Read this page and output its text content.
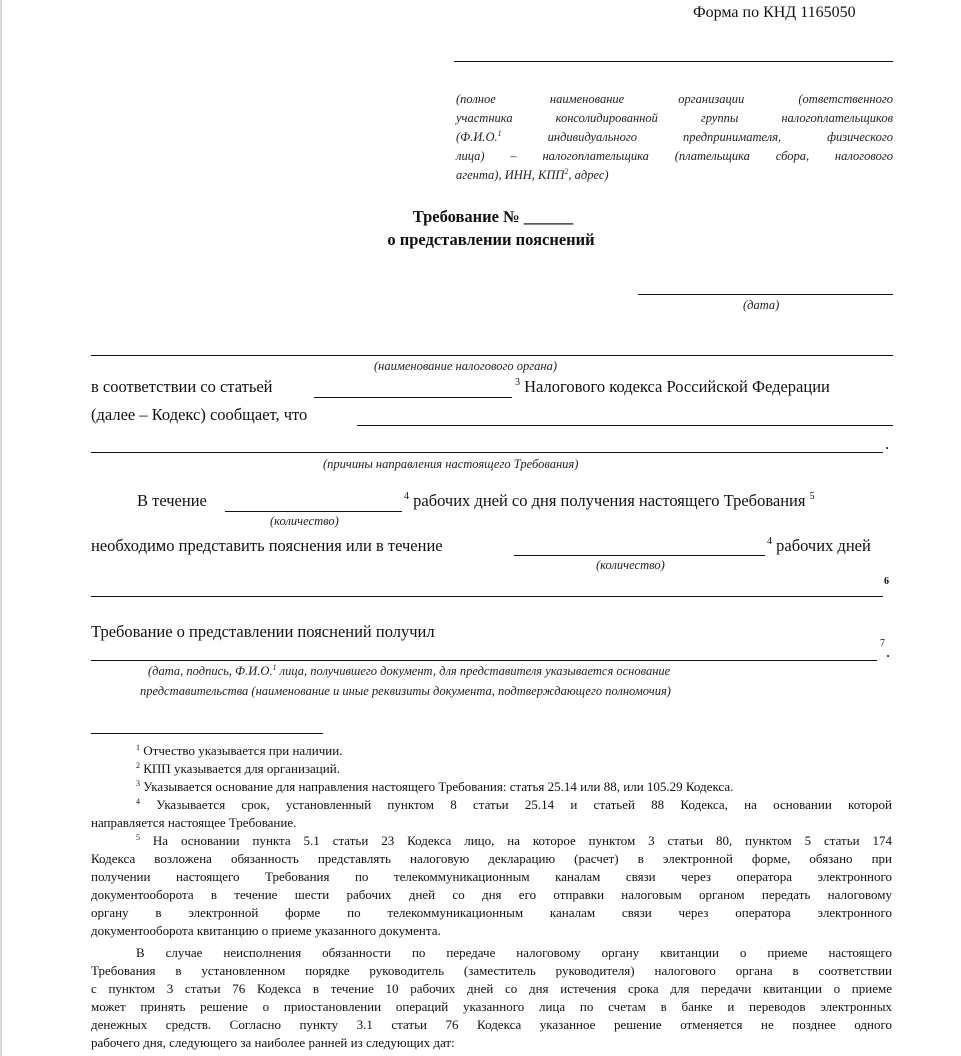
Форма по КНД 1165050
(полное наименование организации (ответственного
участника консолидированной группы налогоплательщиков
(Ф.И.О.$^1$ индивидуального предпринимателя, физического
лица) – налогоплательщика (плательщика сбора, налогового
агента), ИНН, КПП$^2$, адрес)
Требование № ______
о представлении пояснений
(дата)
(наименование налогового органа)
в соответствии со статьей	$^3$ Налогового кодекса Российской Федерации
(далее – Кодекс) сообщает, что
.
(причины направления настоящего Требования)
В течение	$^4$ рабочих дней со дня получения настоящего Требования $^5$
(количество)
необходимо представить пояснения или в течение	$^4$ рабочих дней
(количество)
6
Требование о представлении пояснений получил
7 .
(дата, подпись, Ф.И.О.$^1$ лица, получившего документ, для представителя указывается основание
представительства (наименование и иные реквизиты документа, подтверждающего полномочия)
$^1$ Отчество указывается при наличии.
$^2$ КПП указывается для организаций.
$^3$ Указывается основание для направления настоящего Требования: статья 25.14 или 88, или 105.29 Кодекса.
$^4$ Указывается срок, установленный пунктом 8 статьи 25.14 и статьей 88 Кодекса, на основании которой
направляется настоящее Требование.
$^5$ На основании пункта 5.1 статьи 23 Кодекса лицо, на которое пунктом 3 статьи 80, пунктом 5 статьи 174
Кодекса возложена обязанность представлять налоговую декларацию (расчет) в электронной форме, обязано при
получении настоящего Требования по телекоммуникационным каналам связи через оператора электронного
документооборота в течение шести рабочих дней со дня его отправки налоговым органом передать налоговому
органу в электронной форме по телекоммуникационным каналам связи через оператора электронного
документооборота квитанцию о приеме указанного документа.
В случае неисполнения обязанности по передаче налоговому органу квитанции о приеме настоящего
Требования в установленном порядке руководитель (заместитель руководителя) налогового органа в соответствии
с пунктом 3 статьи 76 Кодекса в течение 10 рабочих дней со дня истечения срока для передачи квитанции о приеме
может принять решение о приостановлении операций указанного лица по счетам в банке и переводов электронных
денежных средств. Согласно пункту 3.1 статьи 76 Кодекса указанное решение отменяется не позднее одного
рабочего дня, следующего за наиболее ранней из следующих дат:
